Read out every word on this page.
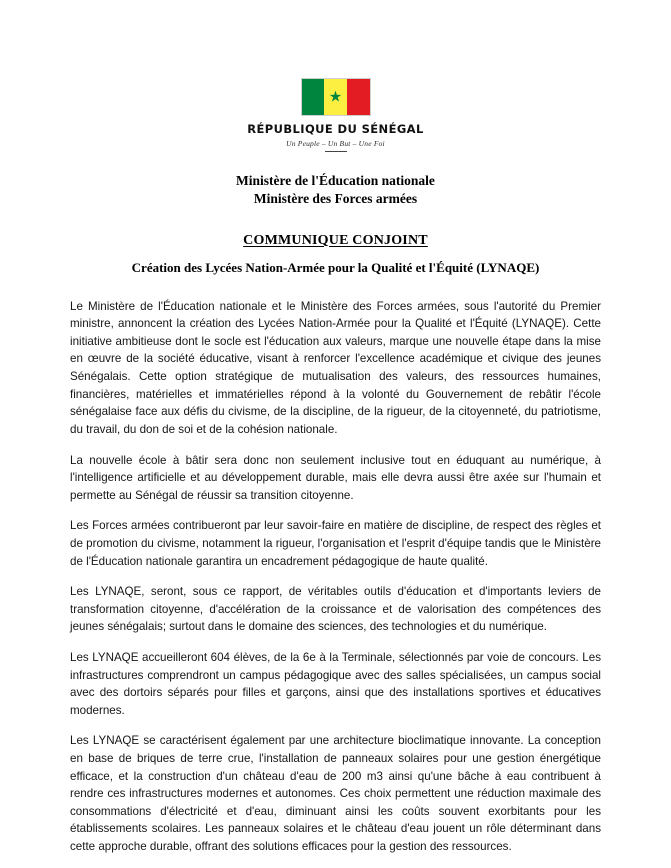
★
RÉPUBLIQUE DU SÉNÉGAL
Un Peuple – Un But – Une Foi
Ministère de l'Éducation nationale
Ministère des Forces armées
COMMUNIQUE CONJOINT
Création des Lycées Nation-Armée pour la Qualité et l'Équité (LYNAQE)

Le Ministère de l'Éducation nationale et le Ministère des Forces armées, sous l'autorité du Premier ministre, annoncent la création des Lycées Nation-Armée pour la Qualité et l'Équité (LYNAQE). Cette initiative ambitieuse dont le socle est l'éducation aux valeurs, marque une nouvelle étape dans la mise en œuvre de la société éducative, visant à renforcer l'excellence académique et civique des jeunes Sénégalais. Cette option stratégique de mutualisation des valeurs, des ressources humaines, financières, matérielles et immatérielles répond à la volonté du Gouvernement de rebâtir l'école sénégalaise face aux défis du civisme, de la discipline, de la rigueur, de la citoyenneté, du patriotisme, du travail, du don de soi et de la cohésion nationale.

La nouvelle école à bâtir sera donc non seulement inclusive tout en éduquant au numérique, à l'intelligence artificielle et au développement durable, mais elle devra aussi être axée sur l'humain et permette au Sénégal de réussir sa transition citoyenne.

Les Forces armées contribueront par leur savoir-faire en matière de discipline, de respect des règles et de promotion du civisme, notamment la rigueur, l'organisation et l'esprit d'équipe tandis que le Ministère de l'Éducation nationale garantira un encadrement pédagogique de haute qualité.

Les LYNAQE, seront, sous ce rapport, de véritables outils d'éducation et d'importants leviers de transformation citoyenne, d'accélération de la croissance et de valorisation des compétences des jeunes sénégalais; surtout dans le domaine des sciences, des technologies et du numérique.

Les LYNAQE accueilleront 604 élèves, de la 6e à la Terminale, sélectionnés par voie de concours. Les infrastructures comprendront un campus pédagogique avec des salles spécialisées, un campus social avec des dortoirs séparés pour filles et garçons, ainsi que des installations sportives et éducatives modernes.

Les LYNAQE se caractérisent également par une architecture bioclimatique innovante. La conception en base de briques de terre crue, l'installation de panneaux solaires pour une gestion énergétique efficace, et la construction d'un château d'eau de 200 m3 ainsi qu'une bâche à eau contribuent à rendre ces infrastructures modernes et autonomes. Ces choix permettent une réduction maximale des consommations d'électricité et d'eau, diminuant ainsi les coûts souvent exorbitants pour les établissements scolaires. Les panneaux solaires et le château d'eau jouent un rôle déterminant dans cette approche durable, offrant des solutions efficaces pour la gestion des ressources.
